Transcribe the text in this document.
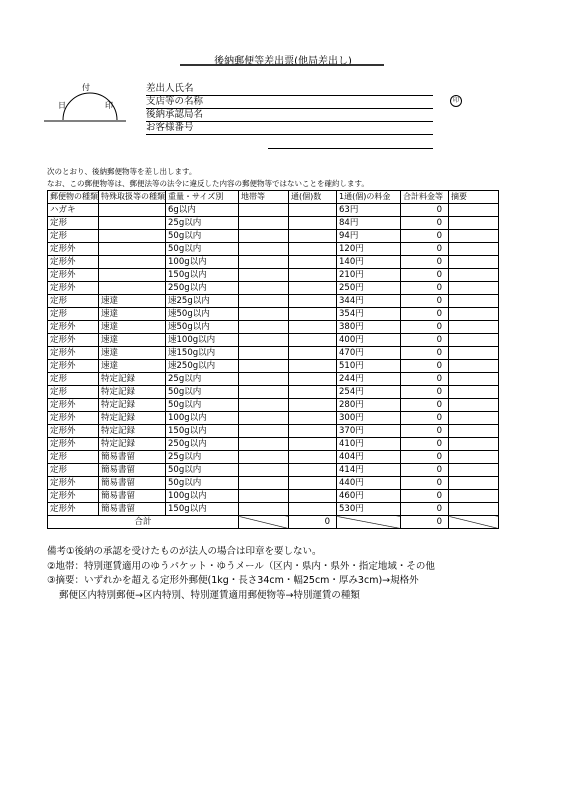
後納郵便等差出票(他局差出し)
付
日	印
差出人氏名
支店等の名称
後納承認局名
お客様番号
印
次のとおり、後納郵便物等を差し出します。
なお、この郵便物等は、郵便法等の法令に違反した内容の郵便物等ではないことを確約します。
郵便物の種類	特殊取扱等の種類	重量・サイズ別	地帯等	通(個)数	1通(個)の料金	合計料金等	摘要
ハガキ		6g以内			63円	0	
定形		25g以内			84円	0	
定形		50g以内			94円	0	
定形外		50g以内			120円	0	
定形外		100g以内			140円	0	
定形外		150g以内			210円	0	
定形外		250g以内			250円	0	
定形	速達	速25g以内			344円	0	
定形	速達	速50g以内			354円	0	
定形外	速達	速50g以内			380円	0	
定形外	速達	速100g以内			400円	0	
定形外	速達	速150g以内			470円	0	
定形外	速達	速250g以内			510円	0	
定形	特定記録	25g以内			244円	0	
定形	特定記録	50g以内			254円	0	
定形外	特定記録	50g以内			280円	0	
定形外	特定記録	100g以内			300円	0	
定形外	特定記録	150g以内			370円	0	
定形外	特定記録	250g以内			410円	0	
定形	簡易書留	25g以内			404円	0	
定形	簡易書留	50g以内			414円	0	
定形外	簡易書留	50g以内			440円	0	
定形外	簡易書留	100g以内			460円	0	
定形外	簡易書留	150g以内			530円	0	
合計				0		0	
備考①後納の承認を受けたものが法人の場合は印章を要しない。
②地帯：特別運賃適用のゆうパケット・ゆうメール（区内・県内・県外・指定地域・その他
③摘要：いずれかを超える定形外郵便(1kg・長さ34cm・幅25cm・厚み3cm)→規格外
郵便区内特別郵便→区内特別、特別運賃適用郵便物等→特別運賃の種類
